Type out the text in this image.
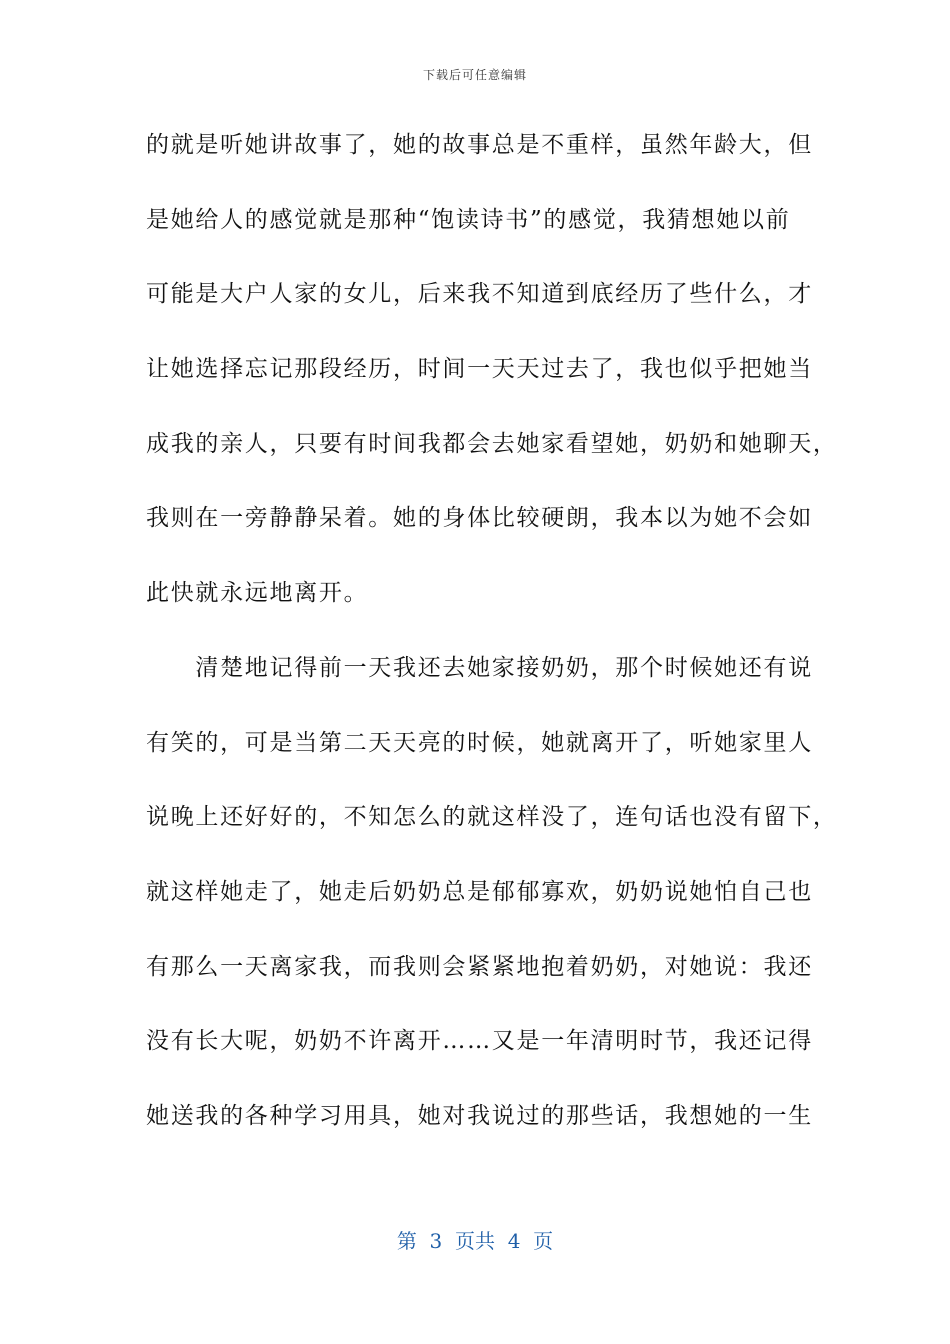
下载后可任意编辑
的就是听她讲故事了，她的故事总是不重样，虽然年龄大，但
是她给人的感觉就是那种“饱读诗书”的感觉，我猜想她以前
可能是大户人家的女儿，后来我不知道到底经历了些什么，才
让她选择忘记那段经历，时间一天天过去了，我也似乎把她当
成我的亲人，只要有时间我都会去她家看望她，奶奶和她聊天，
我则在一旁静静呆着。她的身体比较硬朗，我本以为她不会如
此快就永远地离开。
　　清楚地记得前一天我还去她家接奶奶，那个时候她还有说
有笑的，可是当第二天天亮的时候，她就离开了，听她家里人
说晚上还好好的，不知怎么的就这样没了，连句话也没有留下，
就这样她走了，她走后奶奶总是郁郁寡欢，奶奶说她怕自己也
有那么一天离家我，而我则会紧紧地抱着奶奶，对她说：我还
没有长大呢，奶奶不许离开……又是一年清明时节，我还记得
她送我的各种学习用具，她对我说过的那些话，我想她的一生
第  3  页共  4  页
